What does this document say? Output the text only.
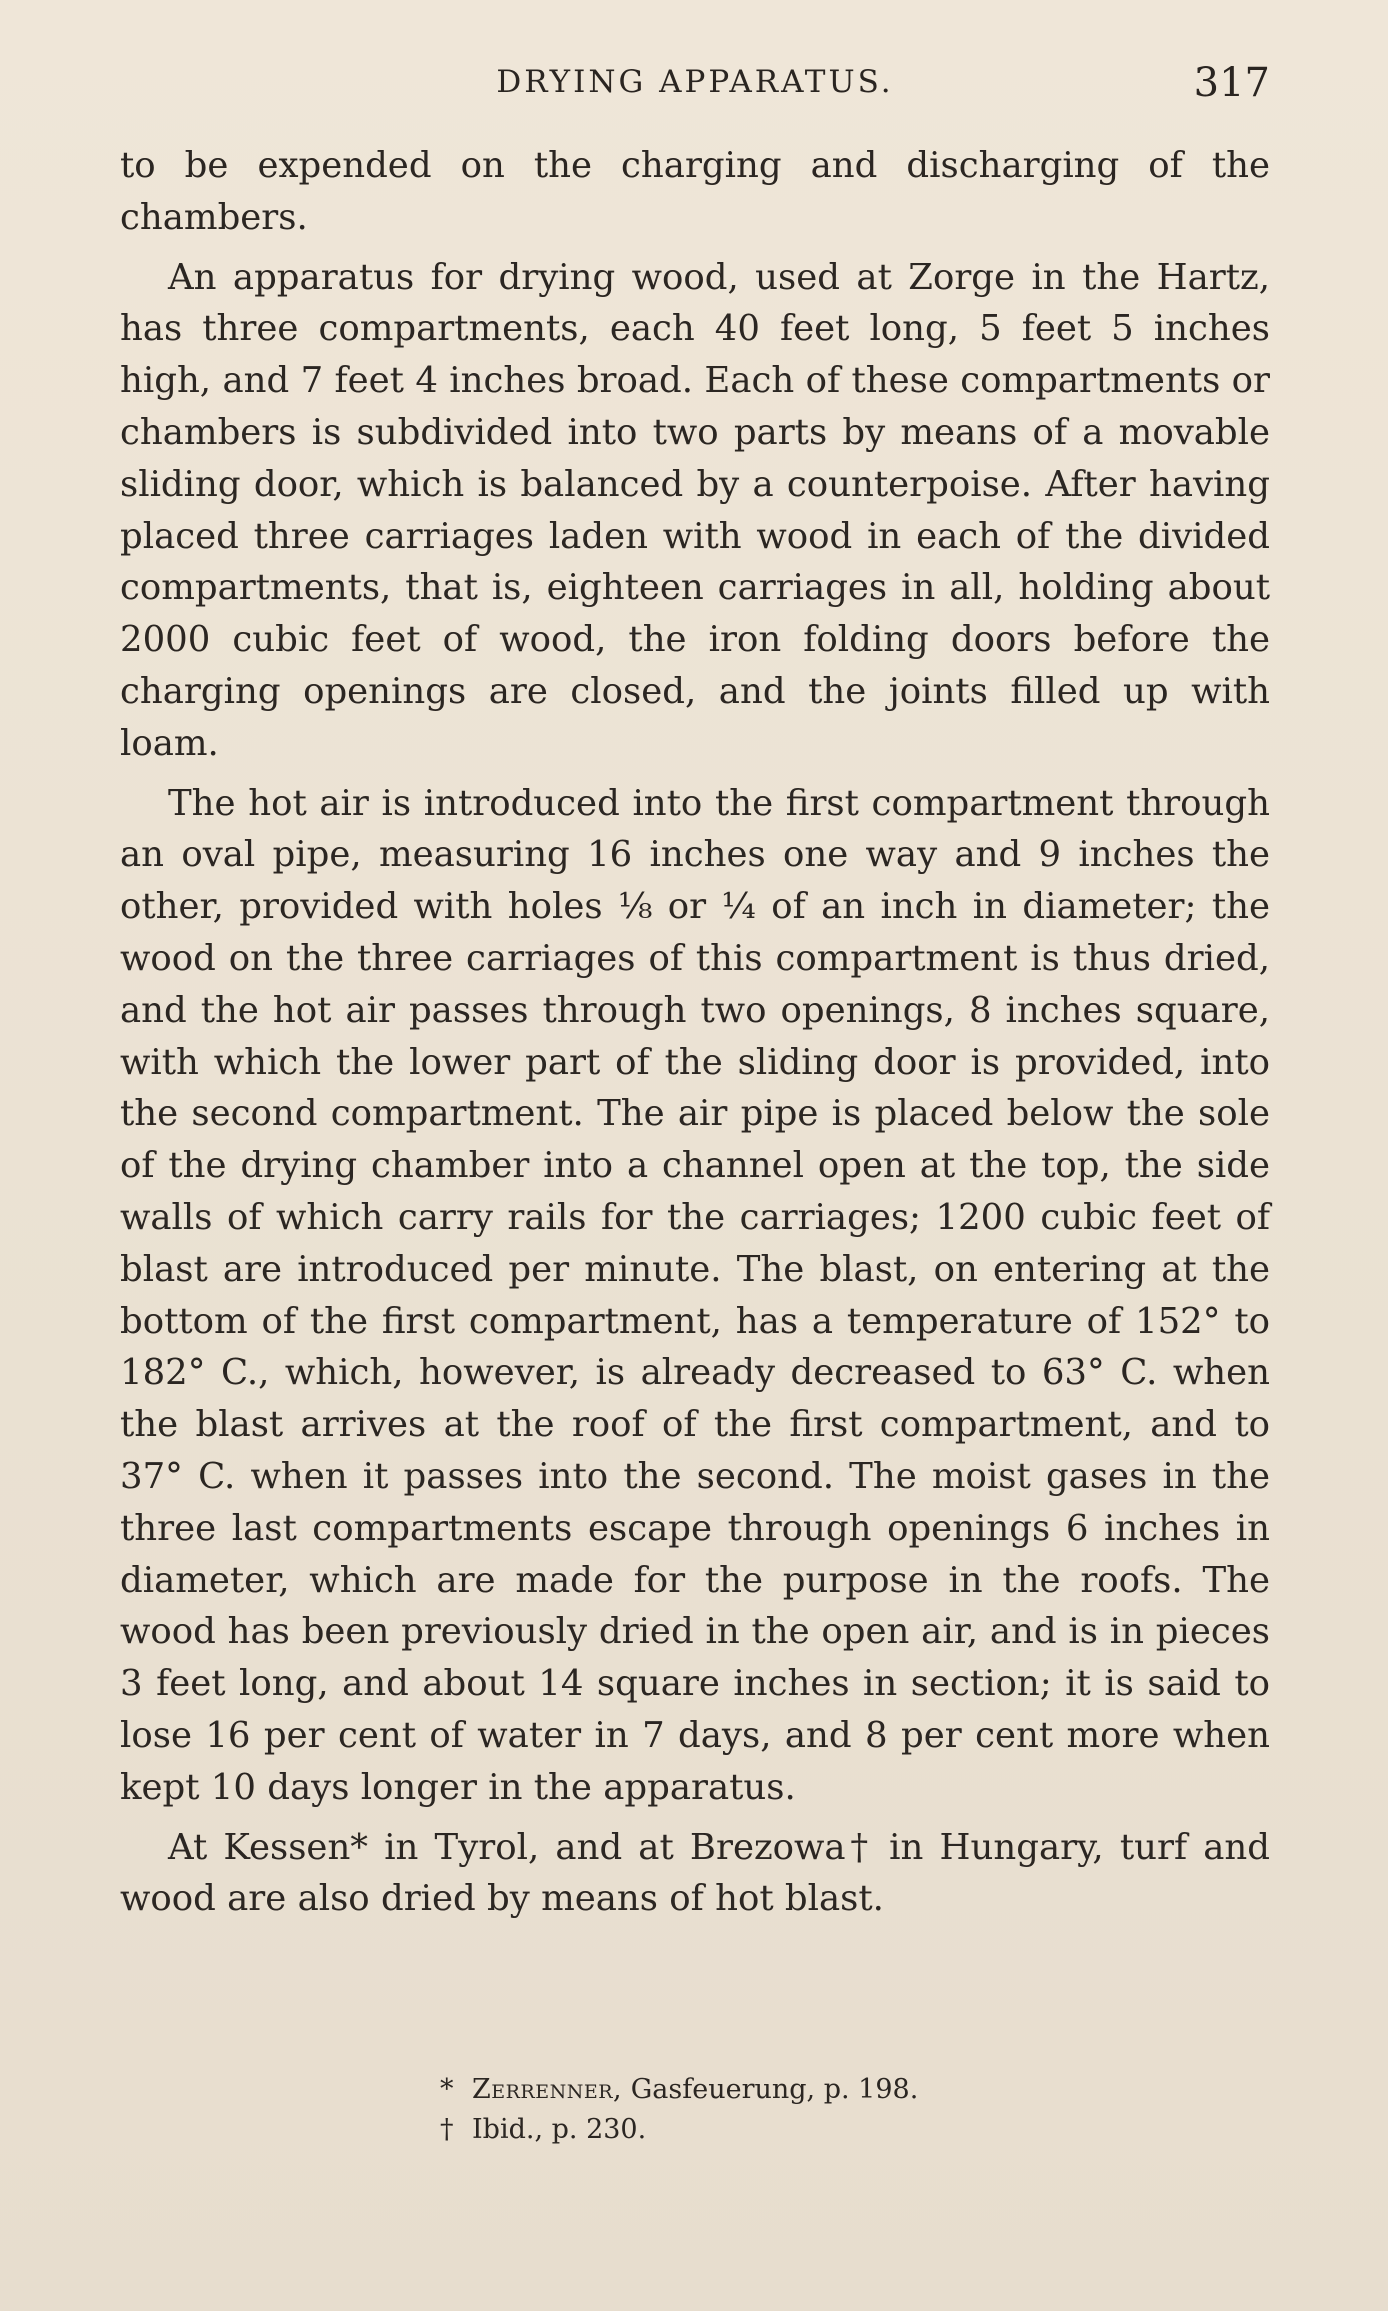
DRYING APPARATUS.	317

to be expended on the charging and discharging of the chambers.

An apparatus for drying wood, used at Zorge in the Hartz, has three compartments, each 40 feet long, 5 feet 5 inches high, and 7 feet 4 inches broad. Each of these compartments or chambers is subdivided into two parts by means of a movable sliding door, which is balanced by a counterpoise. After having placed three carriages laden with wood in each of the divided compartments, that is, eighteen carriages in all, holding about 2000 cubic feet of wood, the iron folding doors before the charging openings are closed, and the joints filled up with loam.

The hot air is introduced into the first compartment through an oval pipe, measuring 16 inches one way and 9 inches the other, provided with holes ⅛ or ¼ of an inch in diameter; the wood on the three carriages of this compartment is thus dried, and the hot air passes through two openings, 8 inches square, with which the lower part of the sliding door is provided, into the second compartment. The air pipe is placed below the sole of the drying chamber into a channel open at the top, the side walls of which carry rails for the carriages; 1200 cubic feet of blast are introduced per minute. The blast, on entering at the bottom of the first compartment, has a temperature of 152° to 182° C., which, however, is already decreased to 63° C. when the blast arrives at the roof of the first compartment, and to 37° C. when it passes into the second. The moist gases in the three last compartments escape through openings 6 inches in diameter, which are made for the purpose in the roofs. The wood has been previously dried in the open air, and is in pieces 3 feet long, and about 14 square inches in section; it is said to lose 16 per cent of water in 7 days, and 8 per cent more when kept 10 days longer in the apparatus.

At Kessen* in Tyrol, and at Brezowa† in Hungary, turf and wood are also dried by means of hot blast.

* Zerrenner, Gasfeuerung, p. 198.
† Ibid., p. 230.
